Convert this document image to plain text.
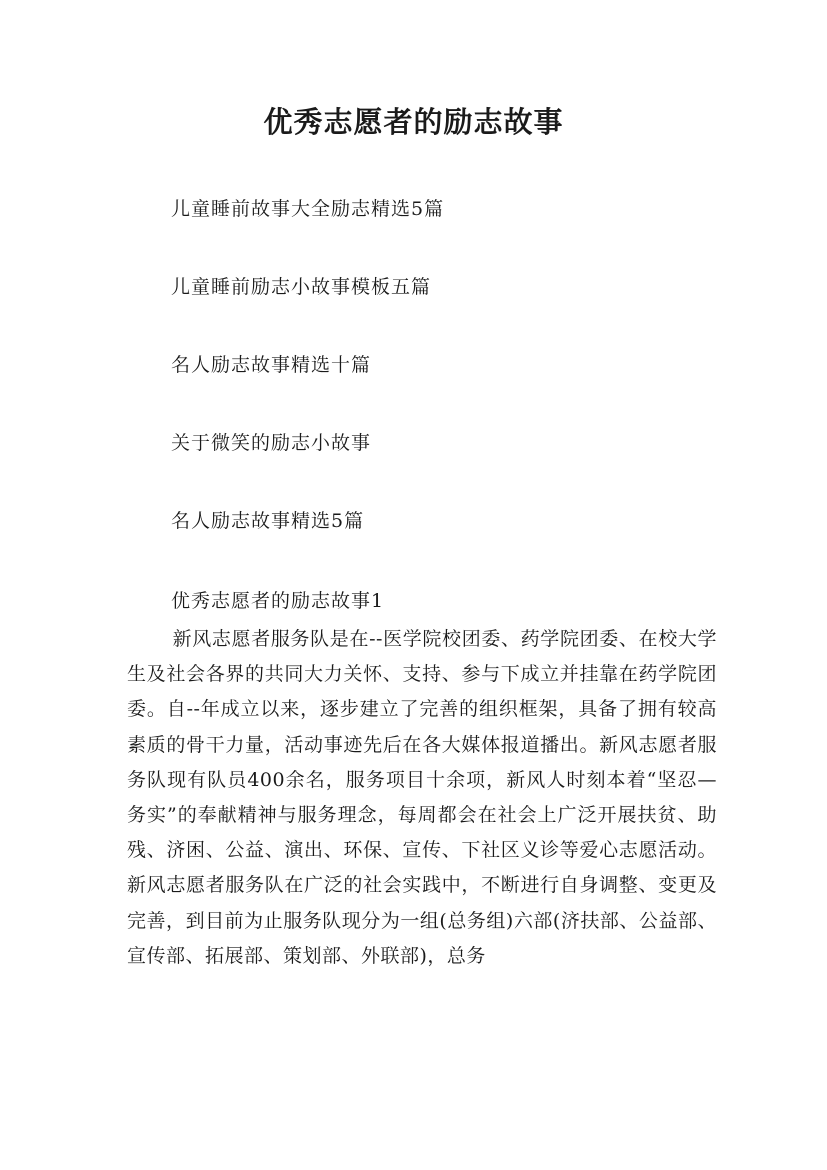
优秀志愿者的励志故事
儿童睡前故事大全励志精选5篇
儿童睡前励志小故事模板五篇
名人励志故事精选十篇
关于微笑的励志小故事
名人励志故事精选5篇
优秀志愿者的励志故事1

新风志愿者服务队是在--医学院校团委、药学院团委、在校大学生及社会各界的共同大力关怀、支持、参与下成立并挂靠在药学院团委。自--年成立以来，逐步建立了完善的组织框架，具备了拥有较高素质的骨干力量，活动事迹先后在各大媒体报道播出。新风志愿者服务队现有队员400余名，服务项目十余项，新风人时刻本着“坚忍—务实”的奉献精神与服务理念，每周都会在社会上广泛开展扶贫、助残、济困、公益、演出、环保、宣传、下社区义诊等爱心志愿活动。新风志愿者服务队在广泛的社会实践中，不断进行自身调整、变更及完善，到目前为止服务队现分为一组(总务组)六部(济扶部、公益部、宣传部、拓展部、策划部、外联部)，总务
